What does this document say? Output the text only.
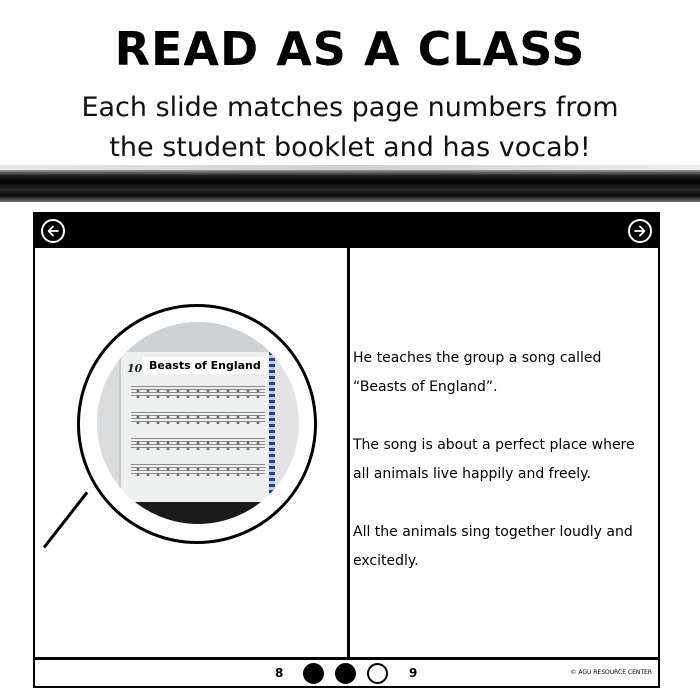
READ AS A CLASS
Each slide matches page numbers from
the student booklet and has vocab!
10 Beasts of England	He teaches the group a song called “Beasts of England”.

The song is about a perfect place where all animals live happily and freely.

All the animals sing together loudly and excitedly.

8	9	© AGU RESOURCE CENTER
